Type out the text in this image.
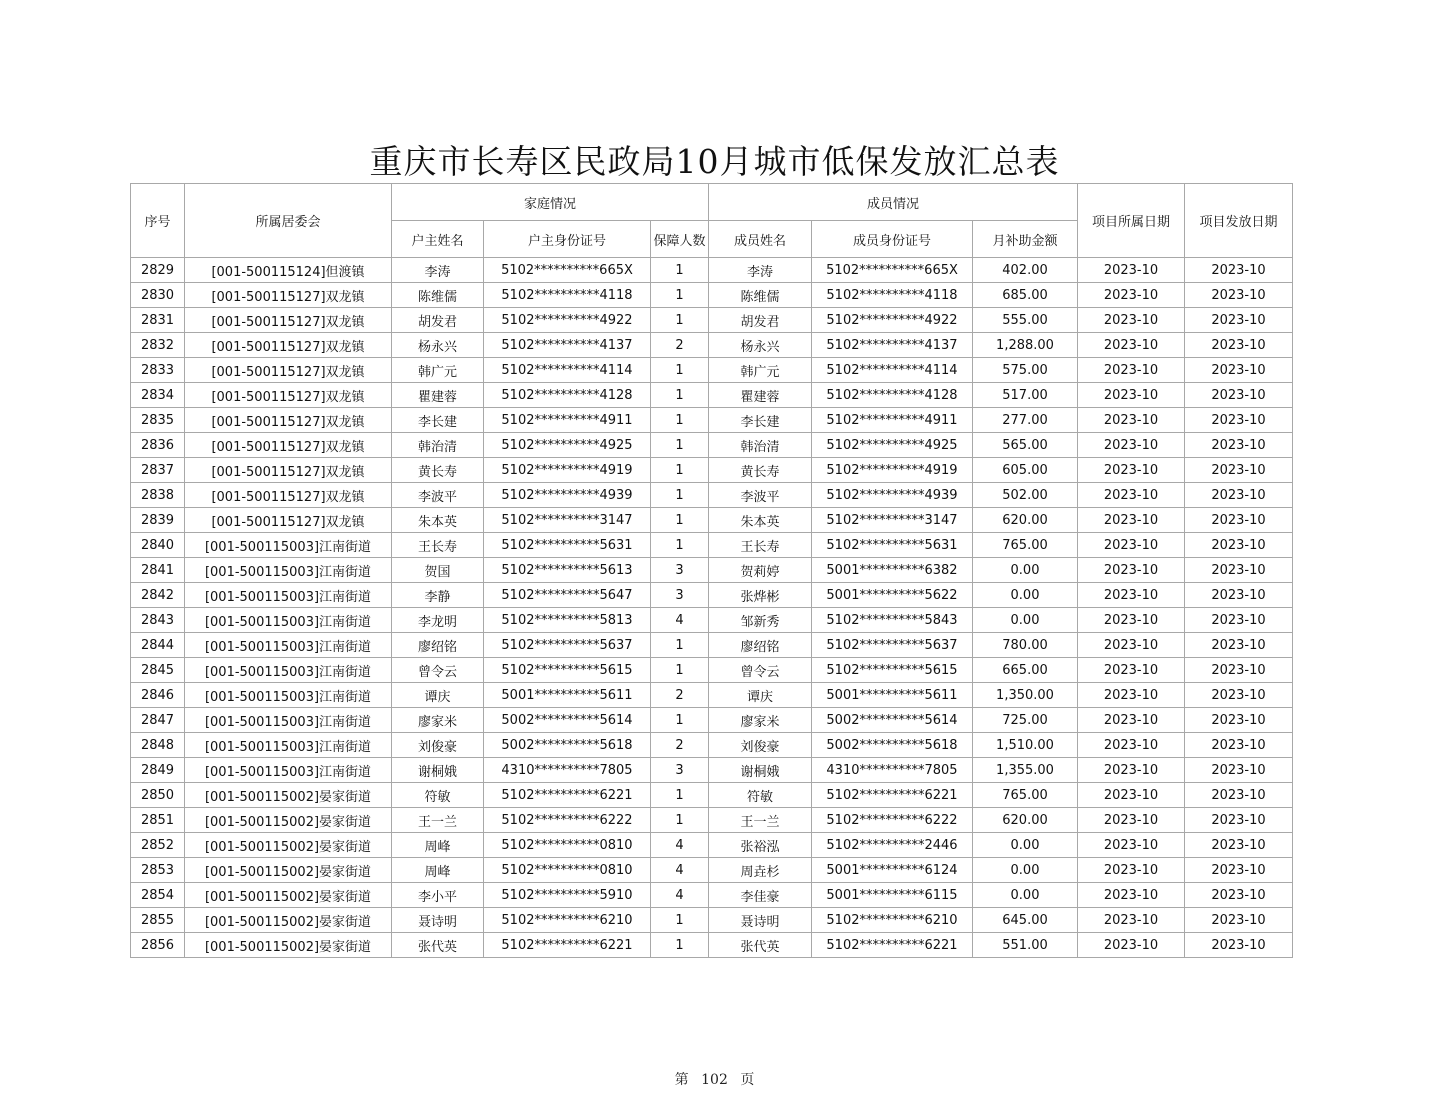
重庆市长寿区民政局10月城市低保发放汇总表
序号	所属居委会	家庭情况			成员情况			项目所属日期	项目发放日期
		户主姓名	户主身份证号	保障人数	成员姓名	成员身份证号	月补助金额		
2829	[001-500115124]但渡镇	李涛	5102**********665X	1	李涛	5102**********665X	402.00	2023-10	2023-10
2830	[001-500115127]双龙镇	陈维儒	5102**********4118	1	陈维儒	5102**********4118	685.00	2023-10	2023-10
2831	[001-500115127]双龙镇	胡发君	5102**********4922	1	胡发君	5102**********4922	555.00	2023-10	2023-10
2832	[001-500115127]双龙镇	杨永兴	5102**********4137	2	杨永兴	5102**********4137	1,288.00	2023-10	2023-10
2833	[001-500115127]双龙镇	韩广元	5102**********4114	1	韩广元	5102**********4114	575.00	2023-10	2023-10
2834	[001-500115127]双龙镇	瞿建蓉	5102**********4128	1	瞿建蓉	5102**********4128	517.00	2023-10	2023-10
2835	[001-500115127]双龙镇	李长建	5102**********4911	1	李长建	5102**********4911	277.00	2023-10	2023-10
2836	[001-500115127]双龙镇	韩治清	5102**********4925	1	韩治清	5102**********4925	565.00	2023-10	2023-10
2837	[001-500115127]双龙镇	黄长寿	5102**********4919	1	黄长寿	5102**********4919	605.00	2023-10	2023-10
2838	[001-500115127]双龙镇	李波平	5102**********4939	1	李波平	5102**********4939	502.00	2023-10	2023-10
2839	[001-500115127]双龙镇	朱本英	5102**********3147	1	朱本英	5102**********3147	620.00	2023-10	2023-10
2840	[001-500115003]江南街道	王长寿	5102**********5631	1	王长寿	5102**********5631	765.00	2023-10	2023-10
2841	[001-500115003]江南街道	贺国	5102**********5613	3	贺莉婷	5001**********6382	0.00	2023-10	2023-10
2842	[001-500115003]江南街道	李静	5102**********5647	3	张烨彬	5001**********5622	0.00	2023-10	2023-10
2843	[001-500115003]江南街道	李龙明	5102**********5813	4	邹新秀	5102**********5843	0.00	2023-10	2023-10
2844	[001-500115003]江南街道	廖绍铭	5102**********5637	1	廖绍铭	5102**********5637	780.00	2023-10	2023-10
2845	[001-500115003]江南街道	曾令云	5102**********5615	1	曾令云	5102**********5615	665.00	2023-10	2023-10
2846	[001-500115003]江南街道	谭庆	5001**********5611	2	谭庆	5001**********5611	1,350.00	2023-10	2023-10
2847	[001-500115003]江南街道	廖家米	5002**********5614	1	廖家米	5002**********5614	725.00	2023-10	2023-10
2848	[001-500115003]江南街道	刘俊豪	5002**********5618	2	刘俊豪	5002**********5618	1,510.00	2023-10	2023-10
2849	[001-500115003]江南街道	谢桐娥	4310**********7805	3	谢桐娥	4310**********7805	1,355.00	2023-10	2023-10
2850	[001-500115002]晏家街道	符敏	5102**********6221	1	符敏	5102**********6221	765.00	2023-10	2023-10
2851	[001-500115002]晏家街道	王一兰	5102**********6222	1	王一兰	5102**********6222	620.00	2023-10	2023-10
2852	[001-500115002]晏家街道	周峰	5102**********0810	4	张裕泓	5102**********2446	0.00	2023-10	2023-10
2853	[001-500115002]晏家街道	周峰	5102**********0810	4	周垚杉	5001**********6124	0.00	2023-10	2023-10
2854	[001-500115002]晏家街道	李小平	5102**********5910	4	李佳豪	5001**********6115	0.00	2023-10	2023-10
2855	[001-500115002]晏家街道	聂诗明	5102**********6210	1	聂诗明	5102**********6210	645.00	2023-10	2023-10
2856	[001-500115002]晏家街道	张代英	5102**********6221	1	张代英	5102**********6221	551.00	2023-10	2023-10
第 102 页
